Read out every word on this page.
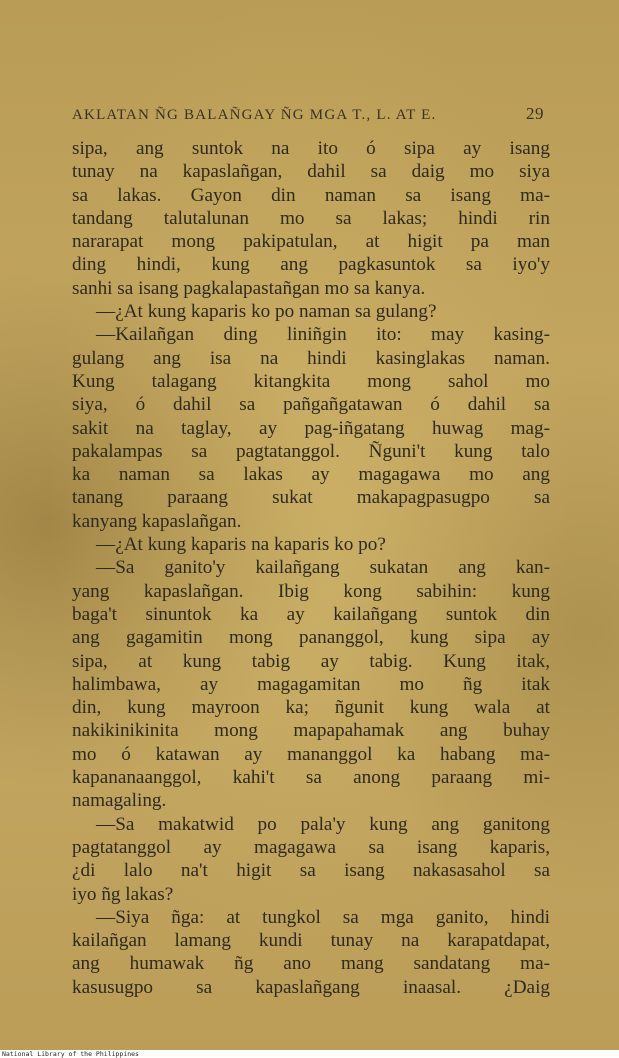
AKLATAN ÑG BALAÑGAY ÑG MGA T., L. AT E.	29
sipa, ang suntok na ito ó sipa ay isang
tunay na kapaslañgan, dahil sa daig mo siya
sa lakas. Gayon din naman sa isang ma-
tandang talutalunan mo sa lakas; hindi rin
nararapat mong pakipatulan, at higit pa man
ding hindi, kung ang pagkasuntok sa iyo'y
sanhi sa isang pagkalapastañgan mo sa kanya.
—¿At kung kaparis ko po naman sa gulang?
—Kailañgan ding liniñgin ito: may kasing-
gulang ang isa na hindi kasinglakas naman.
Kung talagang kitangkita mong sahol mo
siya, ó dahil sa pañgañgatawan ó dahil sa
sakit na taglay, ay pag-iñgatang huwag mag-
pakalampas sa pagtatanggol. Ñguni't kung talo
ka naman sa lakas ay magagawa mo ang
tanang paraang sukat makapagpasugpo sa
kanyang kapaslañgan.
—¿At kung kaparis na kaparis ko po?
—Sa ganito'y kailañgang sukatan ang kan-
yang kapaslañgan. Ibig kong sabihin: kung
baga't sinuntok ka ay kailañgang suntok din
ang gagamitin mong pananggol, kung sipa ay
sipa, at kung tabig ay tabig. Kung itak,
halimbawa, ay magagamitan mo ñg itak
din, kung mayroon ka; ñgunit kung wala at
nakikinikinita mong mapapahamak ang buhay
mo ó katawan ay mananggol ka habang ma-
kapananaanggol, kahi't sa anong paraang mi-
namagaling.
—Sa makatwid po pala'y kung ang ganitong
pagtatanggol ay magagawa sa isang kaparis,
¿di lalo na't higit sa isang nakasasahol sa
iyo ñg lakas?
—Siya ñga: at tungkol sa mga ganito, hindi
kailañgan lamang kundi tunay na karapatdapat,
ang humawak ñg ano mang sandatang ma-
kasusugpo sa kapaslañgang inaasal. ¿Daig
National Library of the Philippines
